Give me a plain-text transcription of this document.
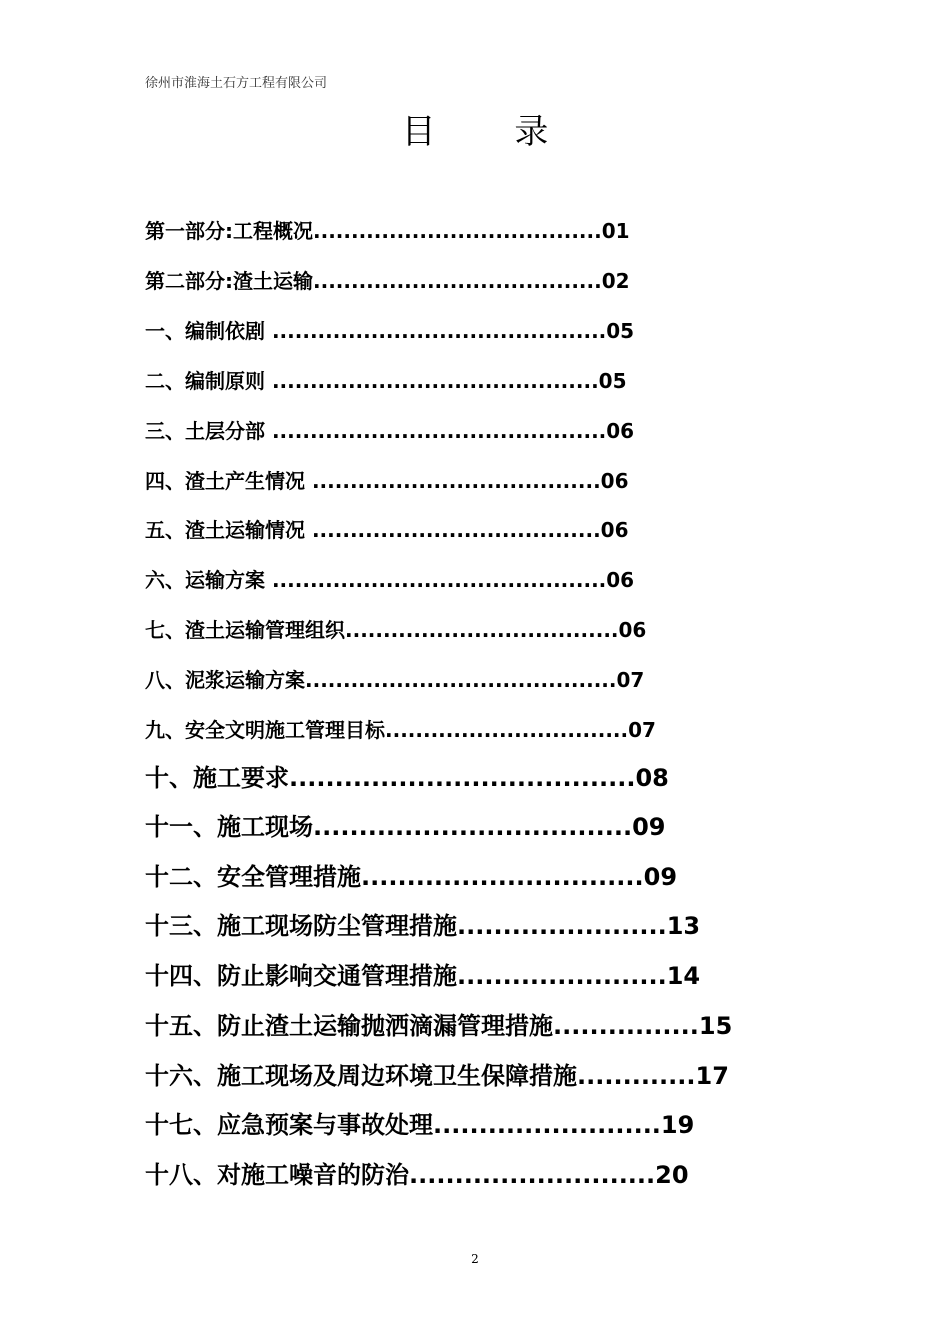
徐州市淮海土石方工程有限公司
目 录
第一部分:工程概况......................................01
第二部分:渣土运输......................................02
一、编制依剧 ............................................05
二、编制原则 ...........................................05
三、土层分部 ............................................06
四、渣土产生情况 ......................................06
五、渣土运输情况 ......................................06
六、运输方案 ............................................06
七、渣土运输管理组织....................................06
八、泥浆运输方案.........................................07
九、安全文明施工管理目标................................07
十、施工要求......................................08
十一、施工现场...................................09
十二、安全管理措施...............................09
十三、施工现场防尘管理措施.......................13
十四、防止影响交通管理措施.......................14
十五、防止渣土运输抛洒滴漏管理措施................15
十六、施工现场及周边环境卫生保障措施.............17
十七、应急预案与事故处理.........................19
十八、对施工噪音的防治...........................20
2
